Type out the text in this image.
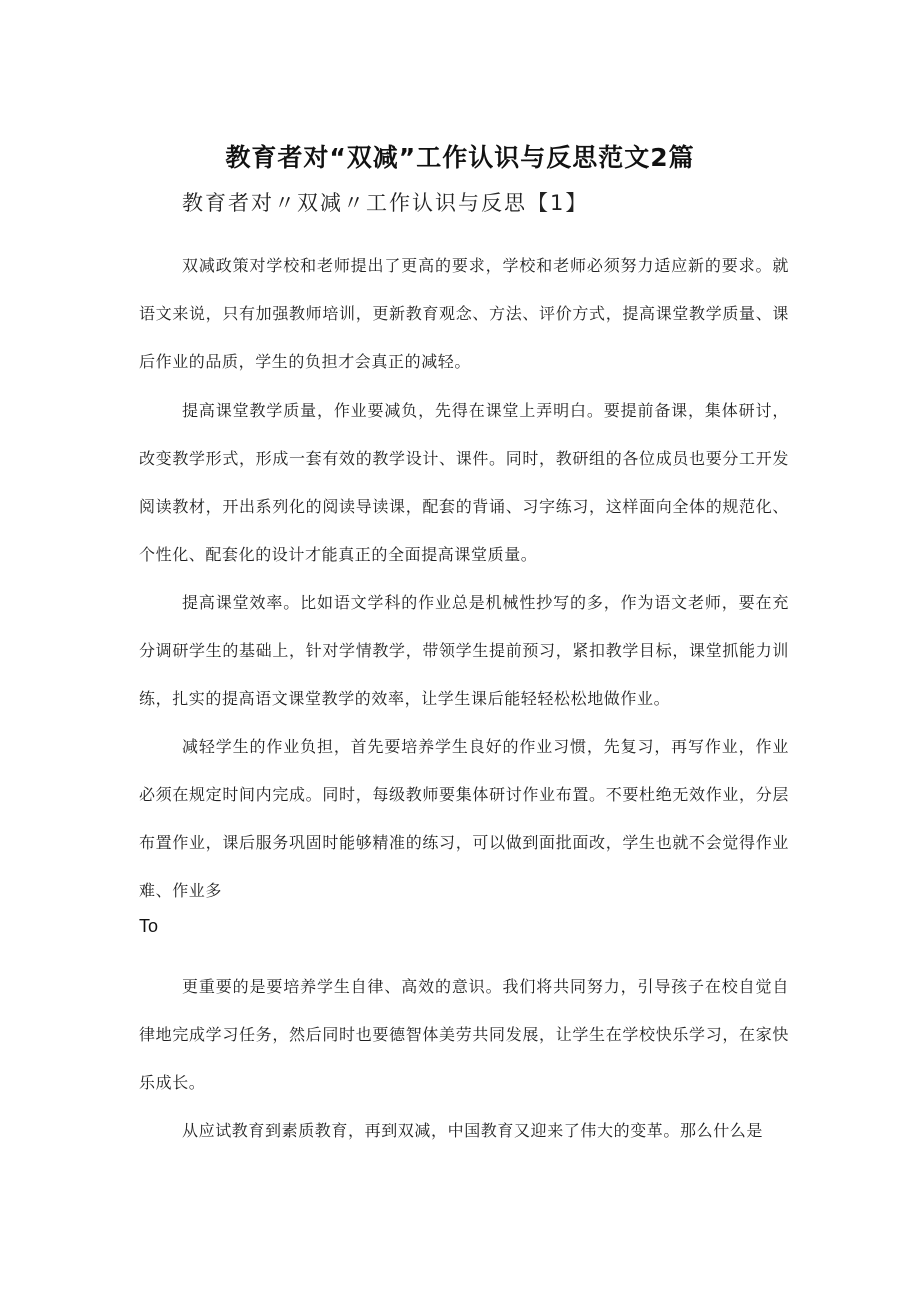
教育者对“双减”工作认识与反思范文2篇
教育者对〃双减〃工作认识与反思【1】

双减政策对学校和老师提出了更高的要求，学校和老师必须努力适应新的要求。就语文来说，只有加强教师培训，更新教育观念、方法、评价方式，提高课堂教学质量、课后作业的品质，学生的负担才会真正的减轻。

提高课堂教学质量，作业要减负，先得在课堂上弄明白。要提前备课，集体研讨，改变教学形式，形成一套有效的教学设计、课件。同时，教研组的各位成员也要分工开发阅读教材，开出系列化的阅读导读课，配套的背诵、习字练习，这样面向全体的规范化、个性化、配套化的设计才能真正的全面提高课堂质量。

提高课堂效率。比如语文学科的作业总是机械性抄写的多，作为语文老师，要在充分调研学生的基础上，针对学情教学，带领学生提前预习，紧扣教学目标，课堂抓能力训练，扎实的提高语文课堂教学的效率，让学生课后能轻轻松松地做作业。

减轻学生的作业负担，首先要培养学生良好的作业习惯，先复习，再写作业，作业必须在规定时间内完成。同时，每级教师要集体研讨作业布置。不要杜绝无效作业，分层布置作业，课后服务巩固时能够精准的练习，可以做到面批面改，学生也就不会觉得作业难、作业多

To

更重要的是要培养学生自律、高效的意识。我们将共同努力，引导孩子在校自觉自律地完成学习任务，然后同时也要德智体美劳共同发展，让学生在学校快乐学习，在家快乐成长。

从应试教育到素质教育，再到双减，中国教育又迎来了伟大的变革。那么什么是
